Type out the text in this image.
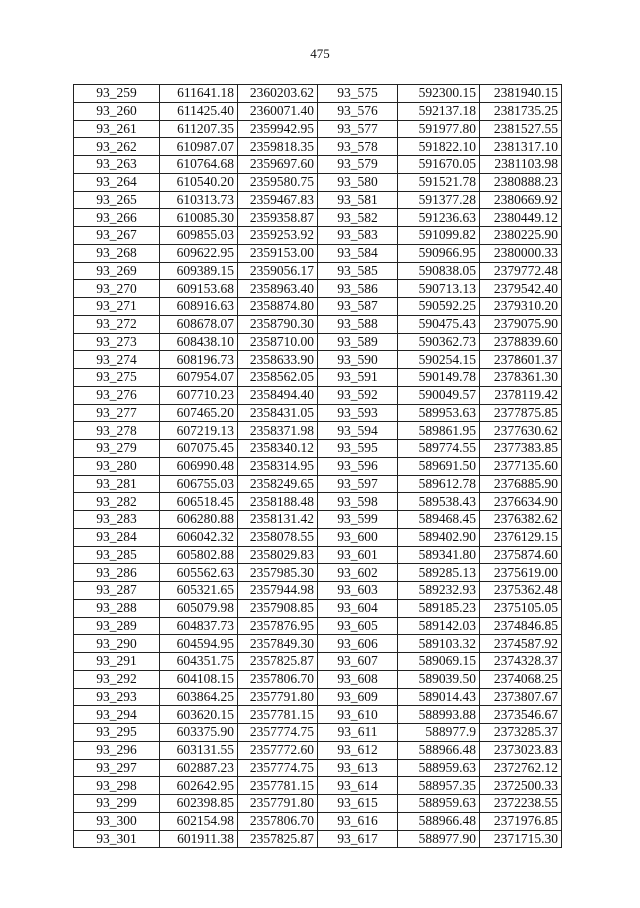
475
93_259	611641.18	2360203.62	93_575	592300.15	2381940.15
93_260	611425.40	2360071.40	93_576	592137.18	2381735.25
93_261	611207.35	2359942.95	93_577	591977.80	2381527.55
93_262	610987.07	2359818.35	93_578	591822.10	2381317.10
93_263	610764.68	2359697.60	93_579	591670.05	2381103.98
93_264	610540.20	2359580.75	93_580	591521.78	2380888.23
93_265	610313.73	2359467.83	93_581	591377.28	2380669.92
93_266	610085.30	2359358.87	93_582	591236.63	2380449.12
93_267	609855.03	2359253.92	93_583	591099.82	2380225.90
93_268	609622.95	2359153.00	93_584	590966.95	2380000.33
93_269	609389.15	2359056.17	93_585	590838.05	2379772.48
93_270	609153.68	2358963.40	93_586	590713.13	2379542.40
93_271	608916.63	2358874.80	93_587	590592.25	2379310.20
93_272	608678.07	2358790.30	93_588	590475.43	2379075.90
93_273	608438.10	2358710.00	93_589	590362.73	2378839.60
93_274	608196.73	2358633.90	93_590	590254.15	2378601.37
93_275	607954.07	2358562.05	93_591	590149.78	2378361.30
93_276	607710.23	2358494.40	93_592	590049.57	2378119.42
93_277	607465.20	2358431.05	93_593	589953.63	2377875.85
93_278	607219.13	2358371.98	93_594	589861.95	2377630.62
93_279	607075.45	2358340.12	93_595	589774.55	2377383.85
93_280	606990.48	2358314.95	93_596	589691.50	2377135.60
93_281	606755.03	2358249.65	93_597	589612.78	2376885.90
93_282	606518.45	2358188.48	93_598	589538.43	2376634.90
93_283	606280.88	2358131.42	93_599	589468.45	2376382.62
93_284	606042.32	2358078.55	93_600	589402.90	2376129.15
93_285	605802.88	2358029.83	93_601	589341.80	2375874.60
93_286	605562.63	2357985.30	93_602	589285.13	2375619.00
93_287	605321.65	2357944.98	93_603	589232.93	2375362.48
93_288	605079.98	2357908.85	93_604	589185.23	2375105.05
93_289	604837.73	2357876.95	93_605	589142.03	2374846.85
93_290	604594.95	2357849.30	93_606	589103.32	2374587.92
93_291	604351.75	2357825.87	93_607	589069.15	2374328.37
93_292	604108.15	2357806.70	93_608	589039.50	2374068.25
93_293	603864.25	2357791.80	93_609	589014.43	2373807.67
93_294	603620.15	2357781.15	93_610	588993.88	2373546.67
93_295	603375.90	2357774.75	93_611	588977.9	2373285.37
93_296	603131.55	2357772.60	93_612	588966.48	2373023.83
93_297	602887.23	2357774.75	93_613	588959.63	2372762.12
93_298	602642.95	2357781.15	93_614	588957.35	2372500.33
93_299	602398.85	2357791.80	93_615	588959.63	2372238.55
93_300	602154.98	2357806.70	93_616	588966.48	2371976.85
93_301	601911.38	2357825.87	93_617	588977.90	2371715.30
